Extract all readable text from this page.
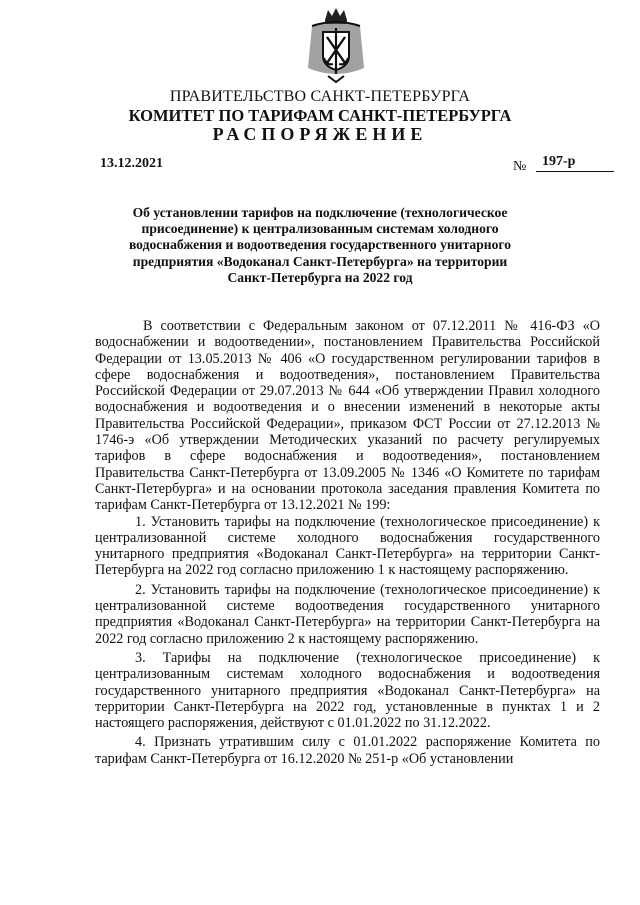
ПРАВИТЕЛЬСТВО САНКТ-ПЕТЕРБУРГА
КОМИТЕТ ПО ТАРИФАМ САНКТ-ПЕТЕРБУРГА
РАСПОРЯЖЕНИЕ
13.12.2021	№	197-р
Об установлении тарифов на подключение (технологическое присоединение) к централизованным системам холодного водоснабжения и водоотведения государственного унитарного предприятия «Водоканал Санкт-Петербурга» на территории Санкт-Петербурга на 2022 год

В соответствии с Федеральным законом от 07.12.2011 № 416-ФЗ «О водоснабжении и водоотведении», постановлением Правительства Российской Федерации от 13.05.2013 № 406 «О государственном регулировании тарифов в сфере водоснабжения и водоотведения», постановлением Правительства Российской Федерации от 29.07.2013 № 644 «Об утверждении Правил холодного водоснабжения и водоотведения и о внесении изменений в некоторые акты Правительства Российской Федерации», приказом ФСТ России от 27.12.2013 № 1746-э «Об утверждении Методических указаний по расчету регулируемых тарифов в сфере водоснабжения и водоотведения», постановлением Правительства Санкт-Петербурга от 13.09.2005 № 1346 «О Комитете по тарифам Санкт-Петербурга» и на основании протокола заседания правления Комитета по тарифам Санкт-Петербурга от 13.12.2021 № 199:

1. Установить тарифы на подключение (технологическое присоединение) к централизованной системе холодного водоснабжения государственного унитарного предприятия «Водоканал Санкт-Петербурга» на территории Санкт-Петербурга на 2022 год согласно приложению 1 к настоящему распоряжению.

2. Установить тарифы на подключение (технологическое присоединение) к централизованной системе водоотведения государственного унитарного предприятия «Водоканал Санкт-Петербурга» на территории Санкт-Петербурга на 2022 год согласно приложению 2 к настоящему распоряжению.

3. Тарифы на подключение (технологическое присоединение) к централизованным системам холодного водоснабжения и водоотведения государственного унитарного предприятия «Водоканал Санкт-Петербурга» на территории Санкт-Петербурга на 2022 год, установленные в пунктах 1 и 2 настоящего распоряжения, действуют с 01.01.2022 по 31.12.2022.

4. Признать утратившим силу с 01.01.2022 распоряжение Комитета по тарифам Санкт-Петербурга от 16.12.2020 № 251-р «Об установлении
